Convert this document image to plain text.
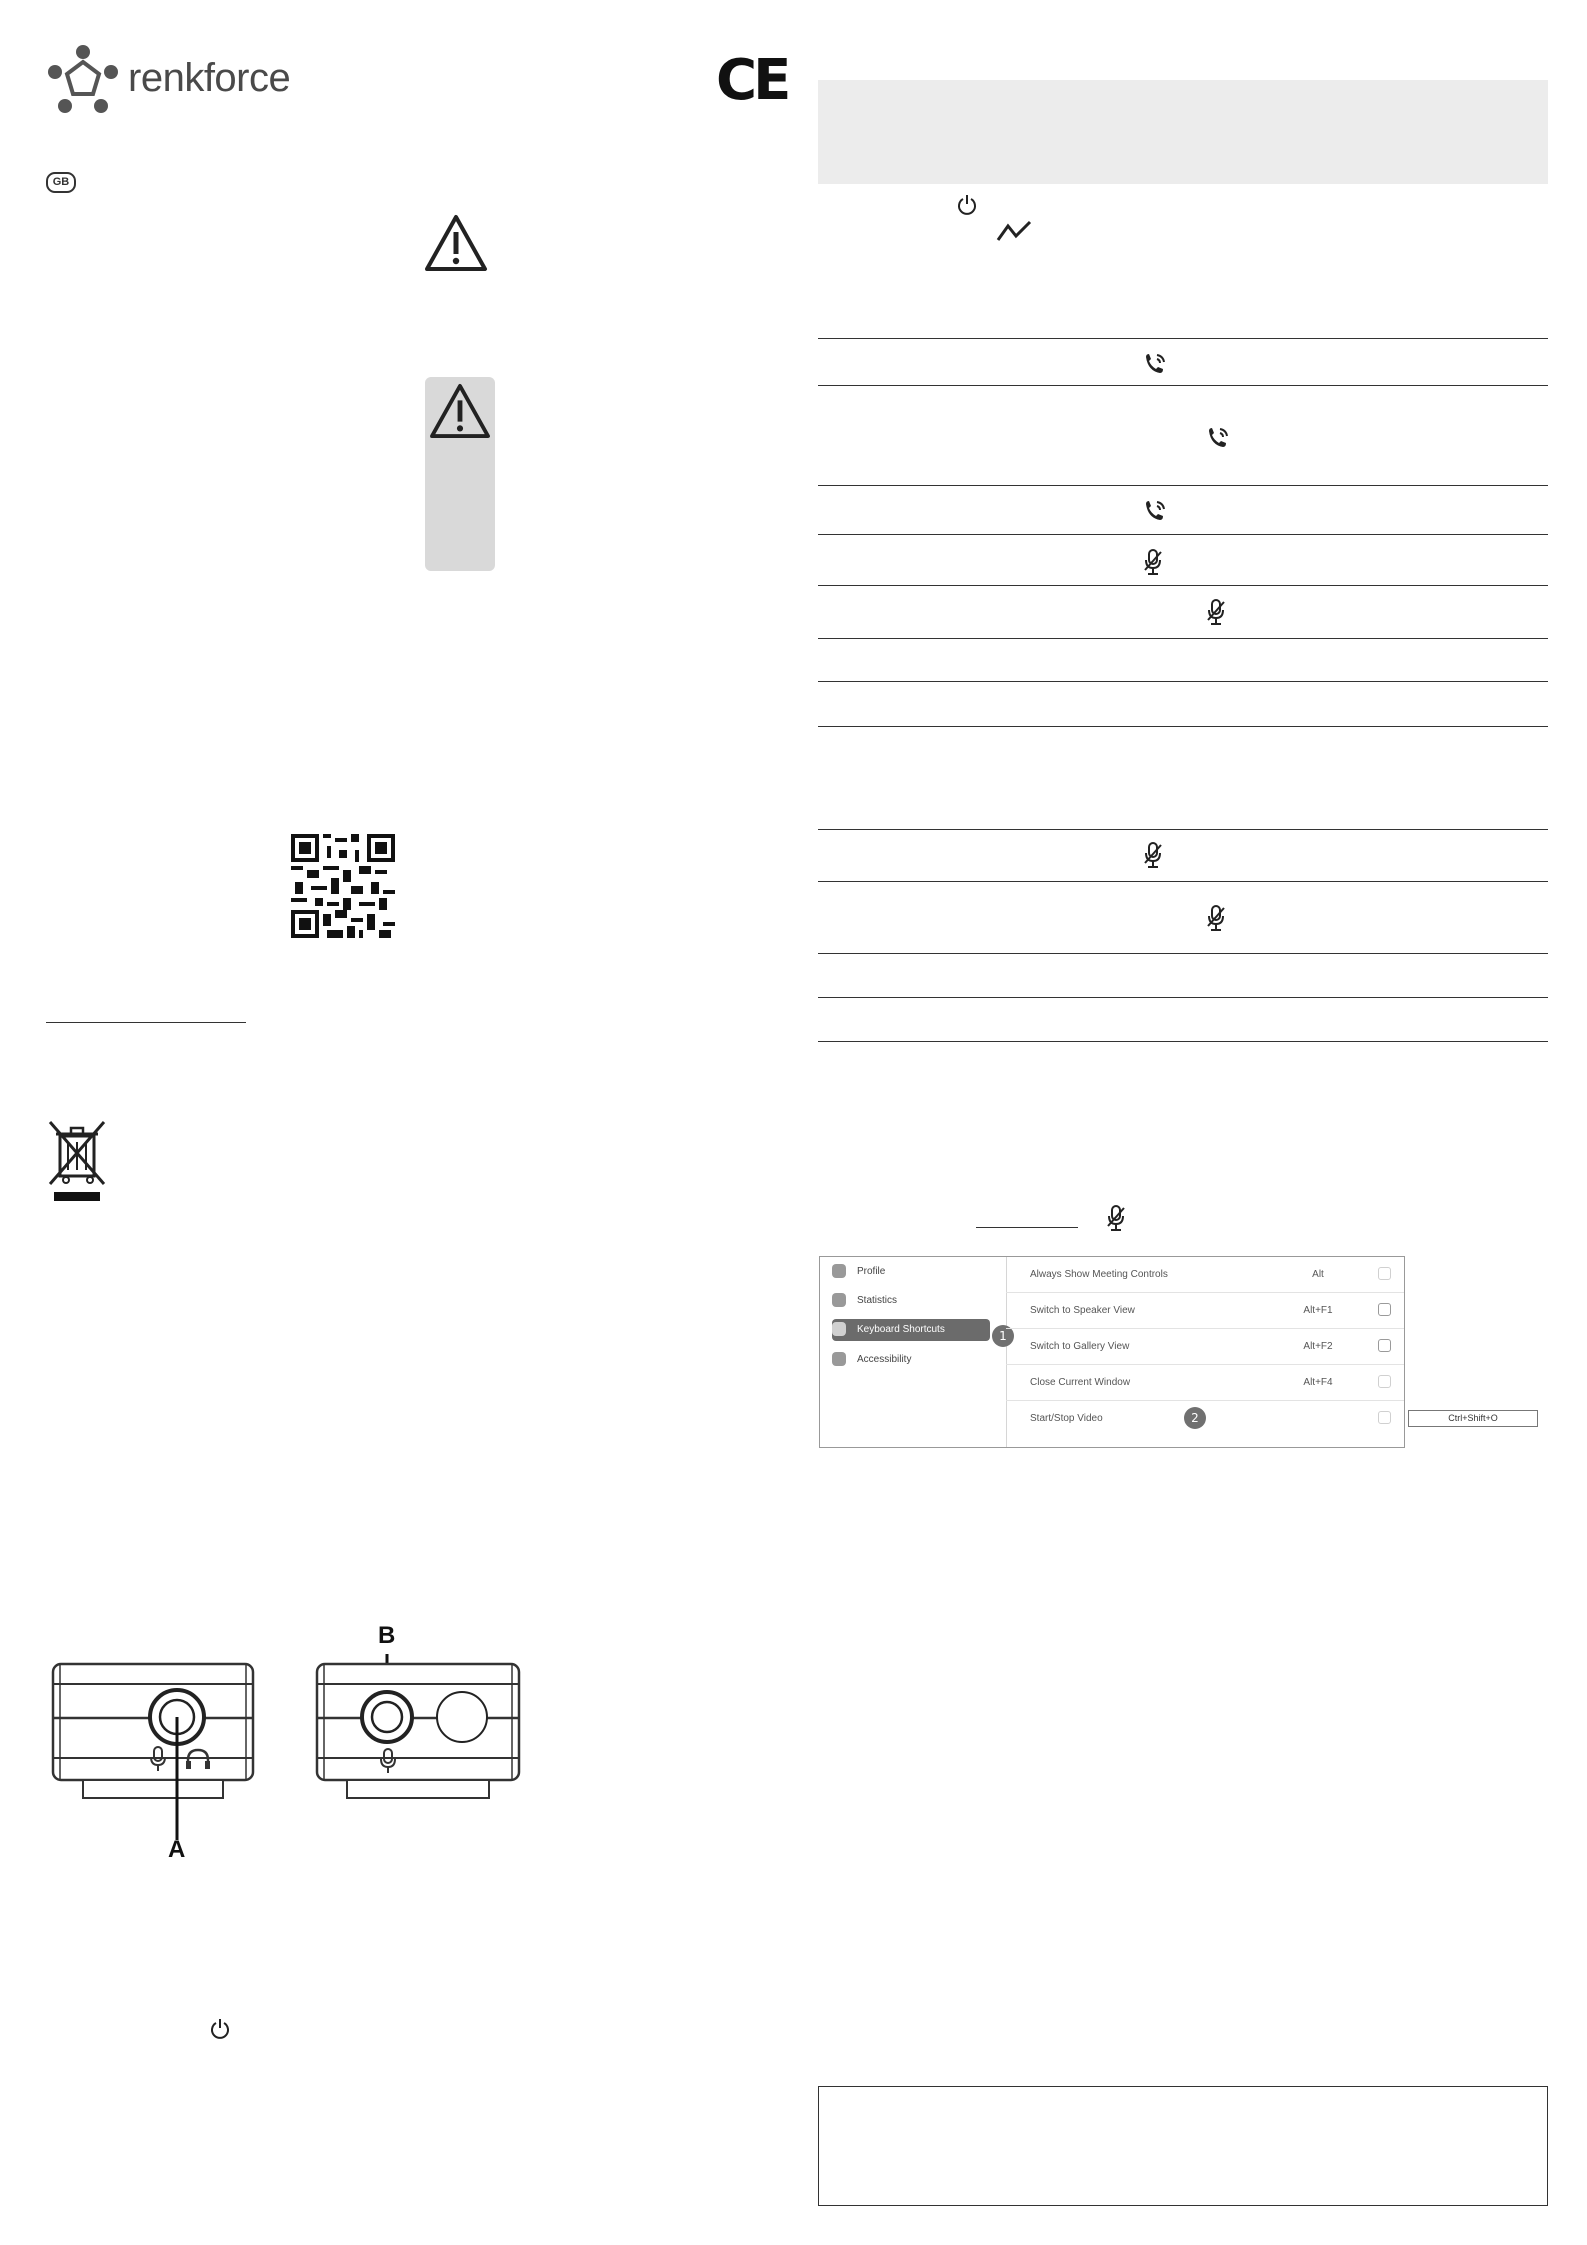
renkforce	CE
GB
A
B
Profile
Statistics
Keyboard Shortcuts
Accessibility
1
Always Show Meeting Controls	Alt
Switch to Speaker View	Alt+F1
Switch to Gallery View	Alt+F2
Close Current Window	Alt+F4
Start/Stop Video	2	Ctrl+Shift+O
